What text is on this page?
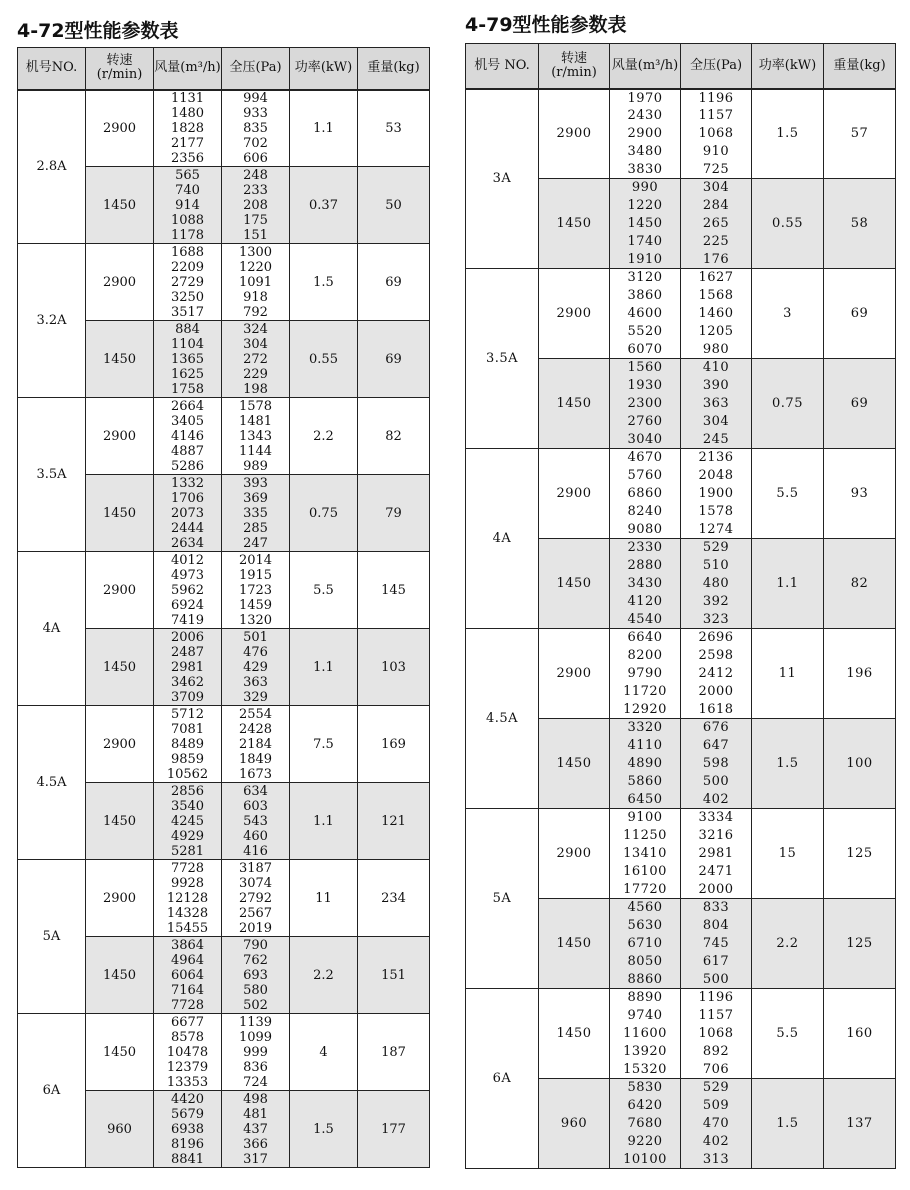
4-72型性能参数表
机号NO.	转速(r/min)	风量(m³/h)	全压(Pa)	功率(kW)	重量(kg)
2.8A	2900	1131
1480
1828
2177
2356	994
933
835
702
606	1.1	53
	1450	565
740
914
1088
1178	248
233
208
175
151	0.37	50
3.2A	2900	1688
2209
2729
3250
3517	1300
1220
1091
918
792	1.5	69
	1450	884
1104
1365
1625
1758	324
304
272
229
198	0.55	69
3.5A	2900	2664
3405
4146
4887
5286	1578
1481
1343
1144
989	2.2	82
	1450	1332
1706
2073
2444
2634	393
369
335
285
247	0.75	79
4A	2900	4012
4973
5962
6924
7419	2014
1915
1723
1459
1320	5.5	145
	1450	2006
2487
2981
3462
3709	501
476
429
363
329	1.1	103
4.5A	2900	5712
7081
8489
9859
10562	2554
2428
2184
1849
1673	7.5	169
	1450	2856
3540
4245
4929
5281	634
603
543
460
416	1.1	121
5A	2900	7728
9928
12128
14328
15455	3187
3074
2792
2567
2019	11	234
	1450	3864
4964
6064
7164
7728	790
762
693
580
502	2.2	151
6A	1450	6677
8578
10478
12379
13353	1139
1099
999
836
724	4	187
	960	4420
5679
6938
8196
8841	498
481
437
366
317	1.5	177
4-79型性能参数表
机号 NO.	转速(r/min)	风量(m³/h)	全压(Pa)	功率(kW)	重量(kg)
3A	2900	1970
2430
2900
3480
3830	1196
1157
1068
910
725	1.5	57
	1450	990
1220
1450
1740
1910	304
284
265
225
176	0.55	58
3.5A	2900	3120
3860
4600
5520
6070	1627
1568
1460
1205
980	3	69
	1450	1560
1930
2300
2760
3040	410
390
363
304
245	0.75	69
4A	2900	4670
5760
6860
8240
9080	2136
2048
1900
1578
1274	5.5	93
	1450	2330
2880
3430
4120
4540	529
510
480
392
323	1.1	82
4.5A	2900	6640
8200
9790
11720
12920	2696
2598
2412
2000
1618	11	196
	1450	3320
4110
4890
5860
6450	676
647
598
500
402	1.5	100
5A	2900	9100
11250
13410
16100
17720	3334
3216
2981
2471
2000	15	125
	1450	4560
5630
6710
8050
8860	833
804
745
617
500	2.2	125
6A	1450	8890
9740
11600
13920
15320	1196
1157
1068
892
706	5.5	160
	960	5830
6420
7680
9220
10100	529
509
470
402
313	1.5	137
